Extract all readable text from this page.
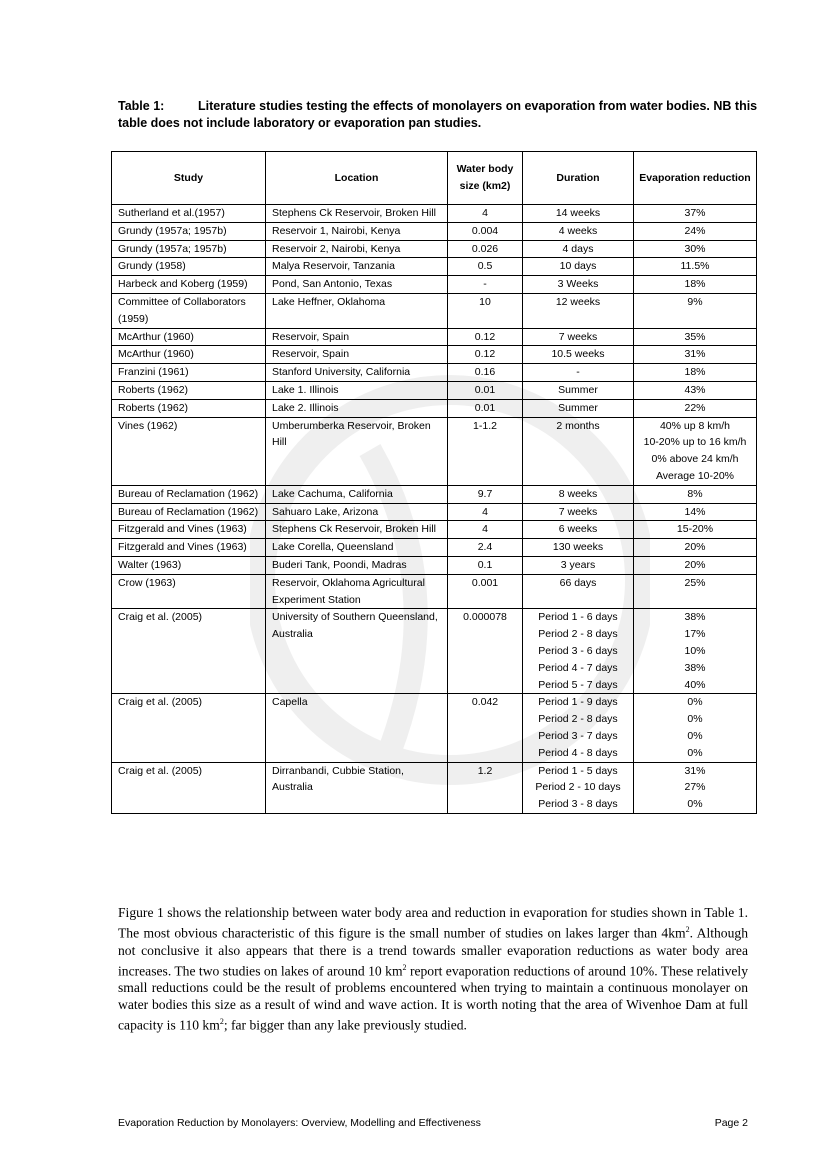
Table 1:	Literature studies testing the effects of monolayers on evaporation from water bodies. NB this table does not include laboratory or evaporation pan studies.
Study	Location	Water body size (km2)	Duration	Evaporation reduction
Sutherland et al.(1957)	Stephens Ck Reservoir, Broken Hill	4	14 weeks	37%

Grundy (1957a; 1957b)	Reservoir 1, Nairobi, Kenya	0.004	4 weeks	24%

Grundy (1957a; 1957b)	Reservoir 2, Nairobi, Kenya	0.026	4 days	30%

Grundy (1958)	Malya Reservoir, Tanzania	0.5	10 days	11.5%

Harbeck and Koberg (1959)	Pond, San Antonio, Texas	-	3 Weeks	18%

Committee of Collaborators (1959)	Lake Heffner, Oklahoma	10	12 weeks	9%

McArthur (1960)	Reservoir, Spain	0.12	7 weeks	35%

McArthur (1960)	Reservoir, Spain	0.12	10.5 weeks	31%

Franzini (1961)	Stanford University, California	0.16	-	18%

Roberts (1962)	Lake 1. Illinois	0.01	Summer	43%

Roberts (1962)	Lake 2. Illinois	0.01	Summer	22%

Vines (1962)	Umberumberka Reservoir, Broken Hill	1-1.2	2 months	40% up 8 km/h
10-20% up to 16 km/h
0% above 24 km/h
Average 10-20%

Bureau of Reclamation (1962)	Lake Cachuma, California	9.7	8 weeks	8%

Bureau of Reclamation (1962)	Sahuaro Lake, Arizona	4	7 weeks	14%

Fitzgerald and Vines (1963)	Stephens Ck Reservoir, Broken Hill	4	6 weeks	15-20%

Fitzgerald and Vines (1963)	Lake Corella, Queensland	2.4	130 weeks	20%

Walter (1963)	Buderi Tank, Poondi, Madras	0.1	3 years	20%

Crow (1963)	Reservoir, Oklahoma Agricultural Experiment Station	0.001	66 days	25%

Craig et al. (2005)	University of Southern Queensland, Australia	0.000078	Period 1 - 6 days
Period 2 - 8 days
Period 3 - 6 days
Period 4 - 7 days
Period 5 - 7 days	38%
17%
10%
38%
40%

Craig et al. (2005)	Capella	0.042	Period 1 - 9 days
Period 2 - 8 days
Period 3 - 7 days
Period 4 - 8 days	0%
0%
0%
0%

Craig et al. (2005)	Dirranbandi, Cubbie Station, Australia	1.2	Period 1 - 5 days
Period 2 - 10 days
Period 3 - 8 days	31%
27%
0%
Figure 1 shows the relationship between water body area and reduction in evaporation for studies shown in Table 1. The most obvious characteristic of this figure is the small number of studies on lakes larger than $4km^2$. Although not conclusive it also appears that there is a trend towards smaller evaporation reductions as water body area increases. The two studies on lakes of around 10 $km^2$ report evaporation reductions of around 10%. These relatively small reductions could be the result of problems encountered when trying to maintain a continuous monolayer on water bodies this size as a result of wind and wave action. It is worth noting that the area of Wivenhoe Dam at full capacity is 110 $km^2$; far bigger than any lake previously studied.
Evaporation Reduction by Monolayers: Overview, Modelling and Effectiveness	Page 2
